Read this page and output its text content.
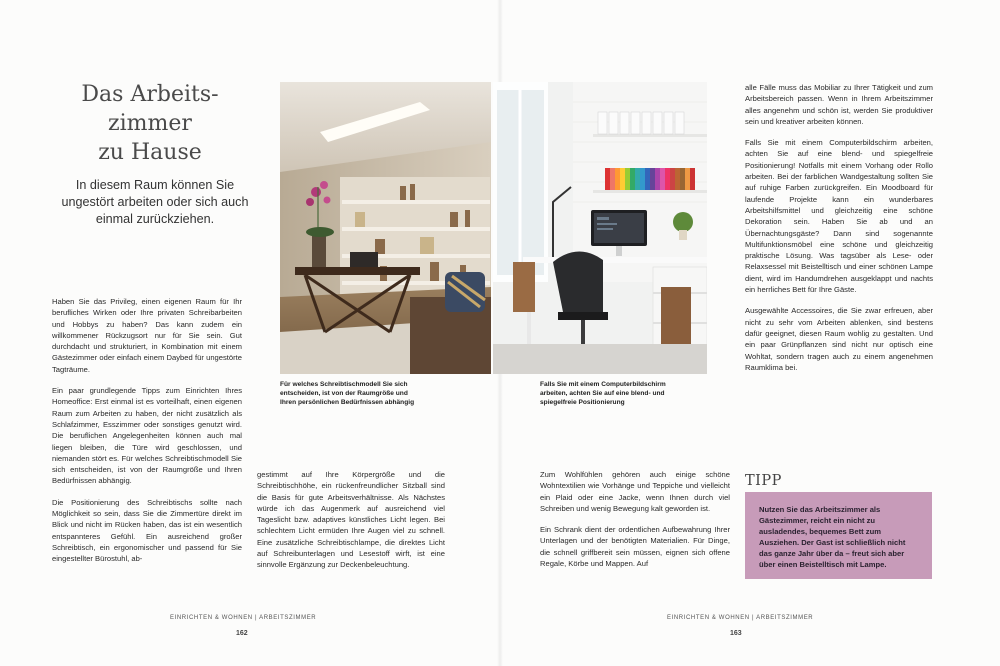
Das Arbeits-
zimmer
zu Hause
In diesem Raum können Sie ungestört arbeiten oder sich auch einmal zurückziehen.
Für welches Schreibtischmodell Sie sich entscheiden, ist von der Raumgröße und Ihren persönlichen Bedürfnissen abhängig
Falls Sie mit einem Computerbildschirm arbeiten, achten Sie auf eine blend- und spiegelfreie Positionierung

Haben Sie das Privileg, einen eigenen Raum für Ihr berufliches Wirken oder Ihre privaten Schreibarbeiten und Hobbys zu haben? Das kann zudem ein willkommener Rückzugsort nur für Sie sein. Gut durchdacht und strukturiert, in Kombination mit einem Gästezimmer oder einfach einem Daybed für ungestörte Tagträume.

Ein paar grundlegende Tipps zum Einrichten Ihres Homeoffice: Erst einmal ist es vorteilhaft, einen eigenen Raum zum Arbeiten zu haben, der nicht zusätzlich als Schlafzimmer, Esszimmer oder sonstiges genutzt wird. Die beruflichen Angelegenheiten können auch mal liegen bleiben, die Türe wird geschlossen, und niemanden stört es. Für welches Schreibtischmodell Sie sich entscheiden, ist von der Raumgröße und Ihren Bedürfnissen abhängig.

Die Positionierung des Schreibtischs sollte nach Möglichkeit so sein, dass Sie die Zimmertüre direkt im Blick und nicht im Rücken haben, das ist ein wesentlich entspannteres Gefühl. Ein ausreichend großer Schreibtisch, ein ergonomischer und passend für Sie eingestellter Bürostuhl, ab-

gestimmt auf Ihre Körpergröße und die Schreibtischhöhe, ein rückenfreundlicher Sitzball sind die Basis für gute Arbeitsverhältnisse. Als Nächstes würde ich das Augenmerk auf ausreichend viel Tageslicht bzw. adaptives künstliches Licht legen. Bei schlechtem Licht ermüden Ihre Augen viel zu schnell. Eine zusätzliche Schreibtischlampe, die direktes Licht auf Schreibunterlagen und Lesestoff wirft, ist eine sinnvolle Ergänzung zur Deckenbeleuchtung.

Zum Wohlfühlen gehören auch einige schöne Wohntextilien wie Vorhänge und Teppiche und vielleicht ein Plaid oder eine Jacke, wenn Ihnen durch viel Schreiben und wenig Bewegung kalt geworden ist.

Ein Schrank dient der ordentlichen Aufbewahrung Ihrer Unterlagen und der benötigten Materialien. Für Dinge, die schnell griffbereit sein müssen, eignen sich offene Regale, Körbe und Mappen. Auf

alle Fälle muss das Mobiliar zu Ihrer Tätigkeit und zum Arbeitsbereich passen. Wenn in Ihrem Arbeitszimmer alles angenehm und schön ist, werden Sie produktiver sein und kreativer arbeiten können.

Falls Sie mit einem Computerbildschirm arbeiten, achten Sie auf eine blend- und spiegelfreie Positionierung! Notfalls mit einem Vorhang oder Rollo arbeiten. Bei der farblichen Wandgestaltung sollten Sie auf ruhige Farben zurückgreifen. Ein Moodboard für laufende Projekte kann ein wunderbares Arbeitshilfsmittel und gleichzeitig eine schöne Dekoration sein. Haben Sie ab und an Übernachtungsgäste? Dann sind sogenannte Multifunktionsmöbel eine schöne und gleichzeitig praktische Lösung. Was tagsüber als Lese- oder Relaxsessel mit Beistelltisch und einer schönen Lampe dient, wird im Handumdrehen ausgeklappt und nachts ein herrliches Bett für Ihre Gäste.

Ausgewählte Accessoires, die Sie zwar erfreuen, aber nicht zu sehr vom Arbeiten ablenken, sind bestens dafür geeignet, diesen Raum wohlig zu gestalten. Und ein paar Grünpflanzen sind nicht nur optisch eine Wohltat, sondern tragen auch zu einem angenehmen Raumklima bei.

TIPP
Nutzen Sie das Arbeitszimmer als Gästezimmer, reicht ein nicht zu ausladendes, bequemes Bett zum Ausziehen. Der Gast ist schließlich nicht das ganze Jahr über da – freut sich aber über einen Beistelltisch mit Lampe.
EINRICHTEN & WOHNEN | ARBEITSZIMMER
162
EINRICHTEN & WOHNEN | ARBEITSZIMMER
163
